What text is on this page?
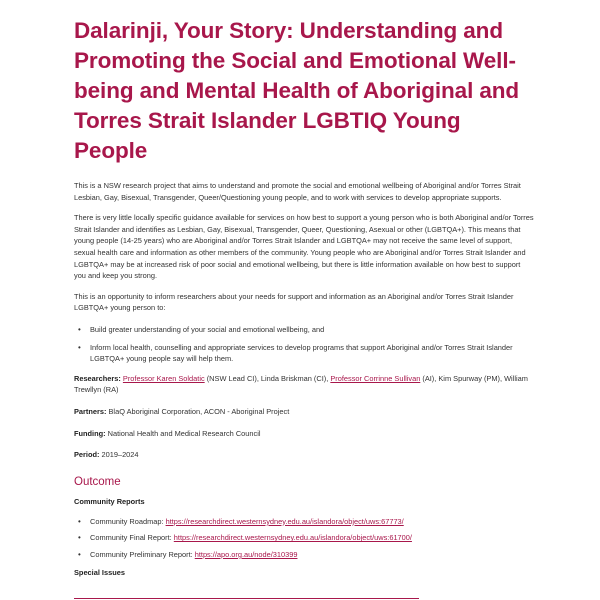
Dalarinji, Your Story: Understanding and Promoting the Social and Emotional Well-being and Mental Health of Aboriginal and Torres Strait Islander LGBTIQ Young People

This is a NSW research project that aims to understand and promote the social and emotional wellbeing of Aboriginal and/or Torres Strait Lesbian, Gay, Bisexual, Transgender, Queer/Questioning young people, and to work with services to develop appropriate supports.

There is very little locally specific guidance available for services on how best to support a young person who is both Aboriginal and/or Torres Strait Islander and identifies as Lesbian, Gay, Bisexual, Transgender, Queer, Questioning, Asexual or other (LGBTQA+). This means that young people (14-25 years) who are Aboriginal and/or Torres Strait Islander and LGBTQA+ may not receive the same level of support, sexual health care and information as other members of the community. Young people who are Aboriginal and/or Torres Strait Islander and LGBTQA+ may be at increased risk of poor social and emotional wellbeing, but there is little information available on how best to support you and keep you strong.

This is an opportunity to inform researchers about your needs for support and information as an Aboriginal and/or Torres Strait Islander LGBTQA+ young person to:

• Build greater understanding of your social and emotional wellbeing, and
• Inform local health, counselling and appropriate services to develop programs that support Aboriginal and/or Torres Strait Islander LGBTQA+ young people say will help them.

Researchers: Professor Karen Soldatic (NSW Lead CI), Linda Briskman (CI), Professor Corrinne Sullivan (AI), Kim Spurway (PM), William Trewllyn (RA)

Partners: BlaQ Aboriginal Corporation, ACON - Aboriginal Project

Funding: National Health and Medical Research Council

Period: 2019–2024

Outcome
Community Reports
• Community Roadmap: https://researchdirect.westernsydney.edu.au/islandora/object/uws:67773/
• Community Final Report: https://researchdirect.westernsydney.edu.au/islandora/object/uws:61700/
• Community Preliminary Report: https://apo.org.au/node/310399
Special Issues
